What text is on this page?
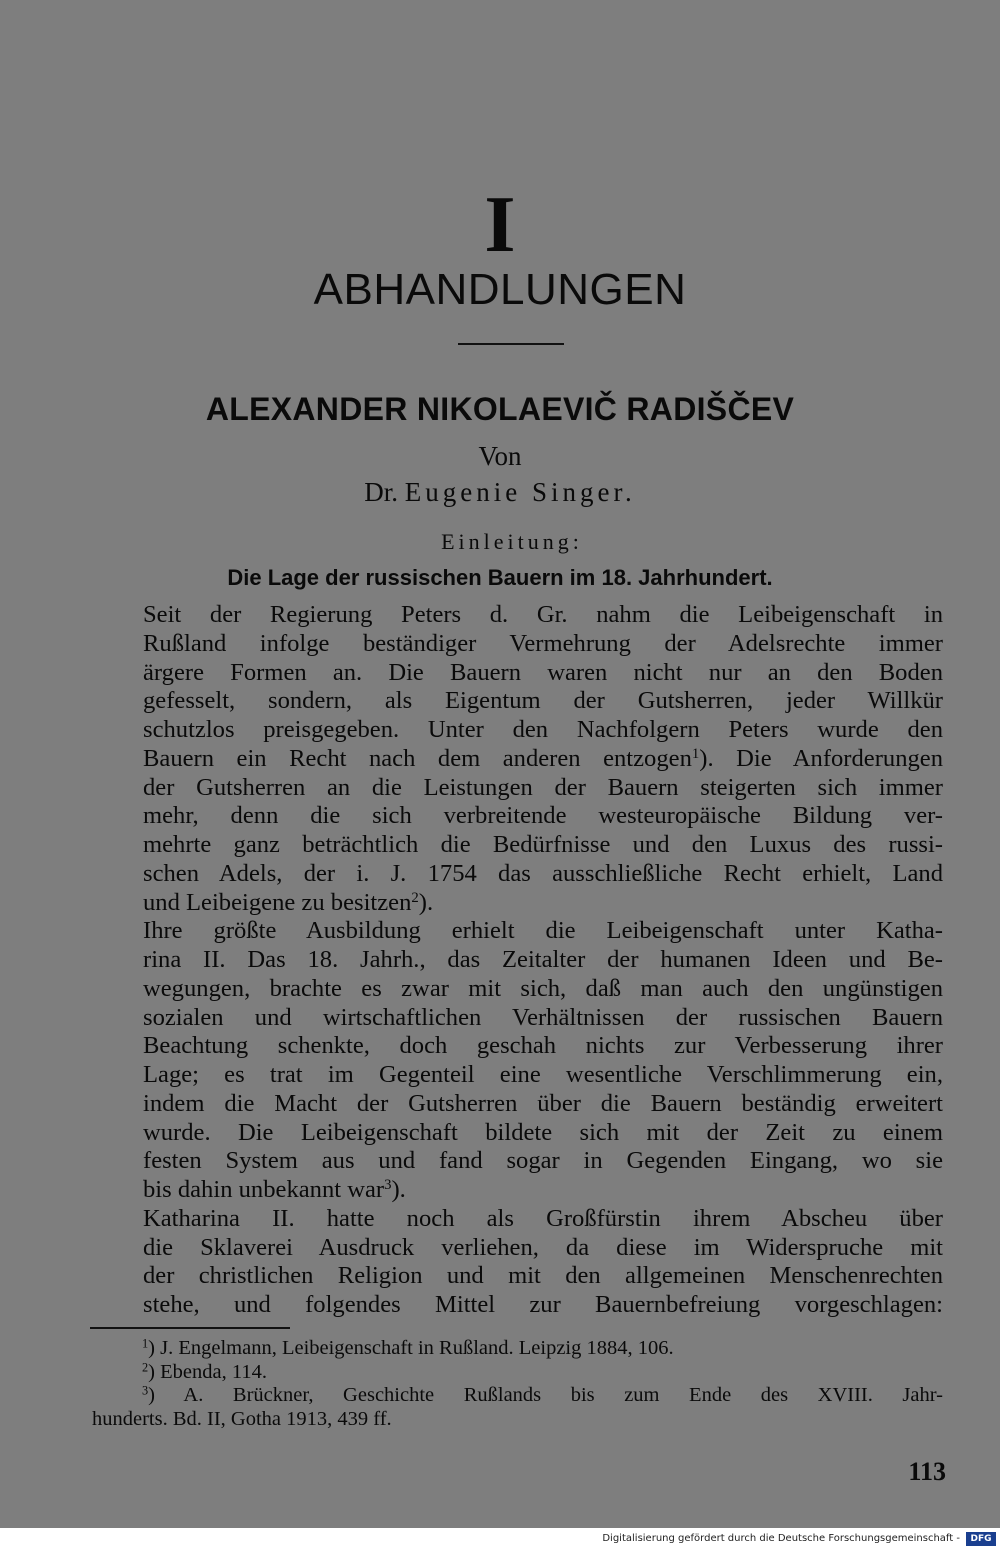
I
ABHANDLUNGEN
ALEXANDER NIKOLAEVIČ RADIŠČEV
Von
Dr. Eugenie Singer.
Einleitung:
Die Lage der russischen Bauern im 18. Jahrhundert.

Seit der Regierung Peters d. Gr. nahm die Leibeigenschaft in
Rußland infolge beständiger Vermehrung der Adelsrechte immer
ärgere Formen an. Die Bauern waren nicht nur an den Boden
gefesselt, sondern, als Eigentum der Gutsherren, jeder Willkür
schutzlos preisgegeben. Unter den Nachfolgern Peters wurde den
Bauern ein Recht nach dem anderen entzogen$^1$). Die Anforderungen
der Gutsherren an die Leistungen der Bauern steigerten sich immer
mehr, denn die sich verbreitende westeuropäische Bildung ver-
mehrte ganz beträchtlich die Bedürfnisse und den Luxus des russi-
schen Adels, der i. J. 1754 das ausschließliche Recht erhielt, Land
und Leibeigene zu besitzen$^2$).

Ihre größte Ausbildung erhielt die Leibeigenschaft unter Katha-
rina II. Das 18. Jahrh., das Zeitalter der humanen Ideen und Be-
wegungen, brachte es zwar mit sich, daß man auch den ungünstigen
sozialen und wirtschaftlichen Verhältnissen der russischen Bauern
Beachtung schenkte, doch geschah nichts zur Verbesserung ihrer
Lage; es trat im Gegenteil eine wesentliche Verschlimmerung ein,
indem die Macht der Gutsherren über die Bauern beständig erweitert
wurde. Die Leibeigenschaft bildete sich mit der Zeit zu einem
festen System aus und fand sogar in Gegenden Eingang, wo sie
bis dahin unbekannt war$^3$).

Katharina II. hatte noch als Großfürstin ihrem Abscheu über
die Sklaverei Ausdruck verliehen, da diese im Widerspruche mit
der christlichen Religion und mit den allgemeinen Menschenrechten
stehe, und folgendes Mittel zur Bauernbefreiung vorgeschlagen:

$^1$) J. Engelmann, Leibeigenschaft in Rußland. Leipzig 1884, 106.
$^2$) Ebenda, 114.
$^3$) A. Brückner, Geschichte Rußlands bis zum Ende des XVIII. Jahr-
hunderts. Bd. II, Gotha 1913, 439 ff.
113
Digitalisierung gefördert durch die Deutsche Forschungsgemeinschaft -	DFG
